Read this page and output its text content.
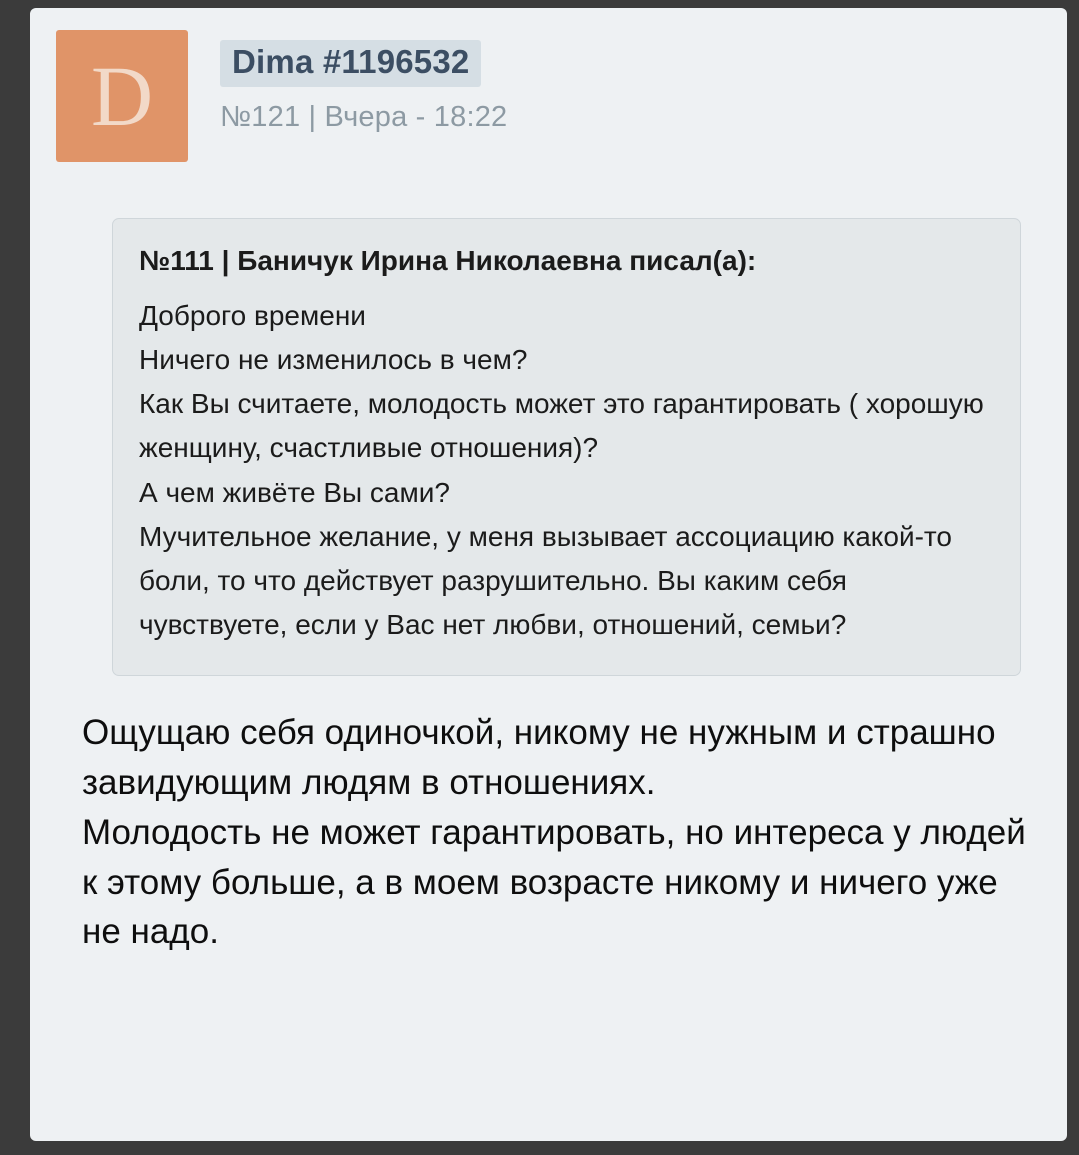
D	Dima #1196532
№121 | Вчера - 18:22
№111 | Баничук Ирина Николаевна писал(а):

Доброго времени

Ничего не изменилось в чем?

Как Вы считаете, молодость может это гарантировать ( хорошую женщину, счастливые отношения)?

А чем живёте Вы сами?

Мучительное желание, у меня вызывает ассоциацию какой-то боли, то что действует разрушительно. Вы каким себя чувствуете, если у Вас нет любви, отношений, семьи?

Ощущаю себя одиночкой, никому не нужным и страшно завидующим людям в отношениях.

Молодость не может гарантировать, но интереса у людей к этому больше, а в моем возрасте никому и ничего уже не надо.
